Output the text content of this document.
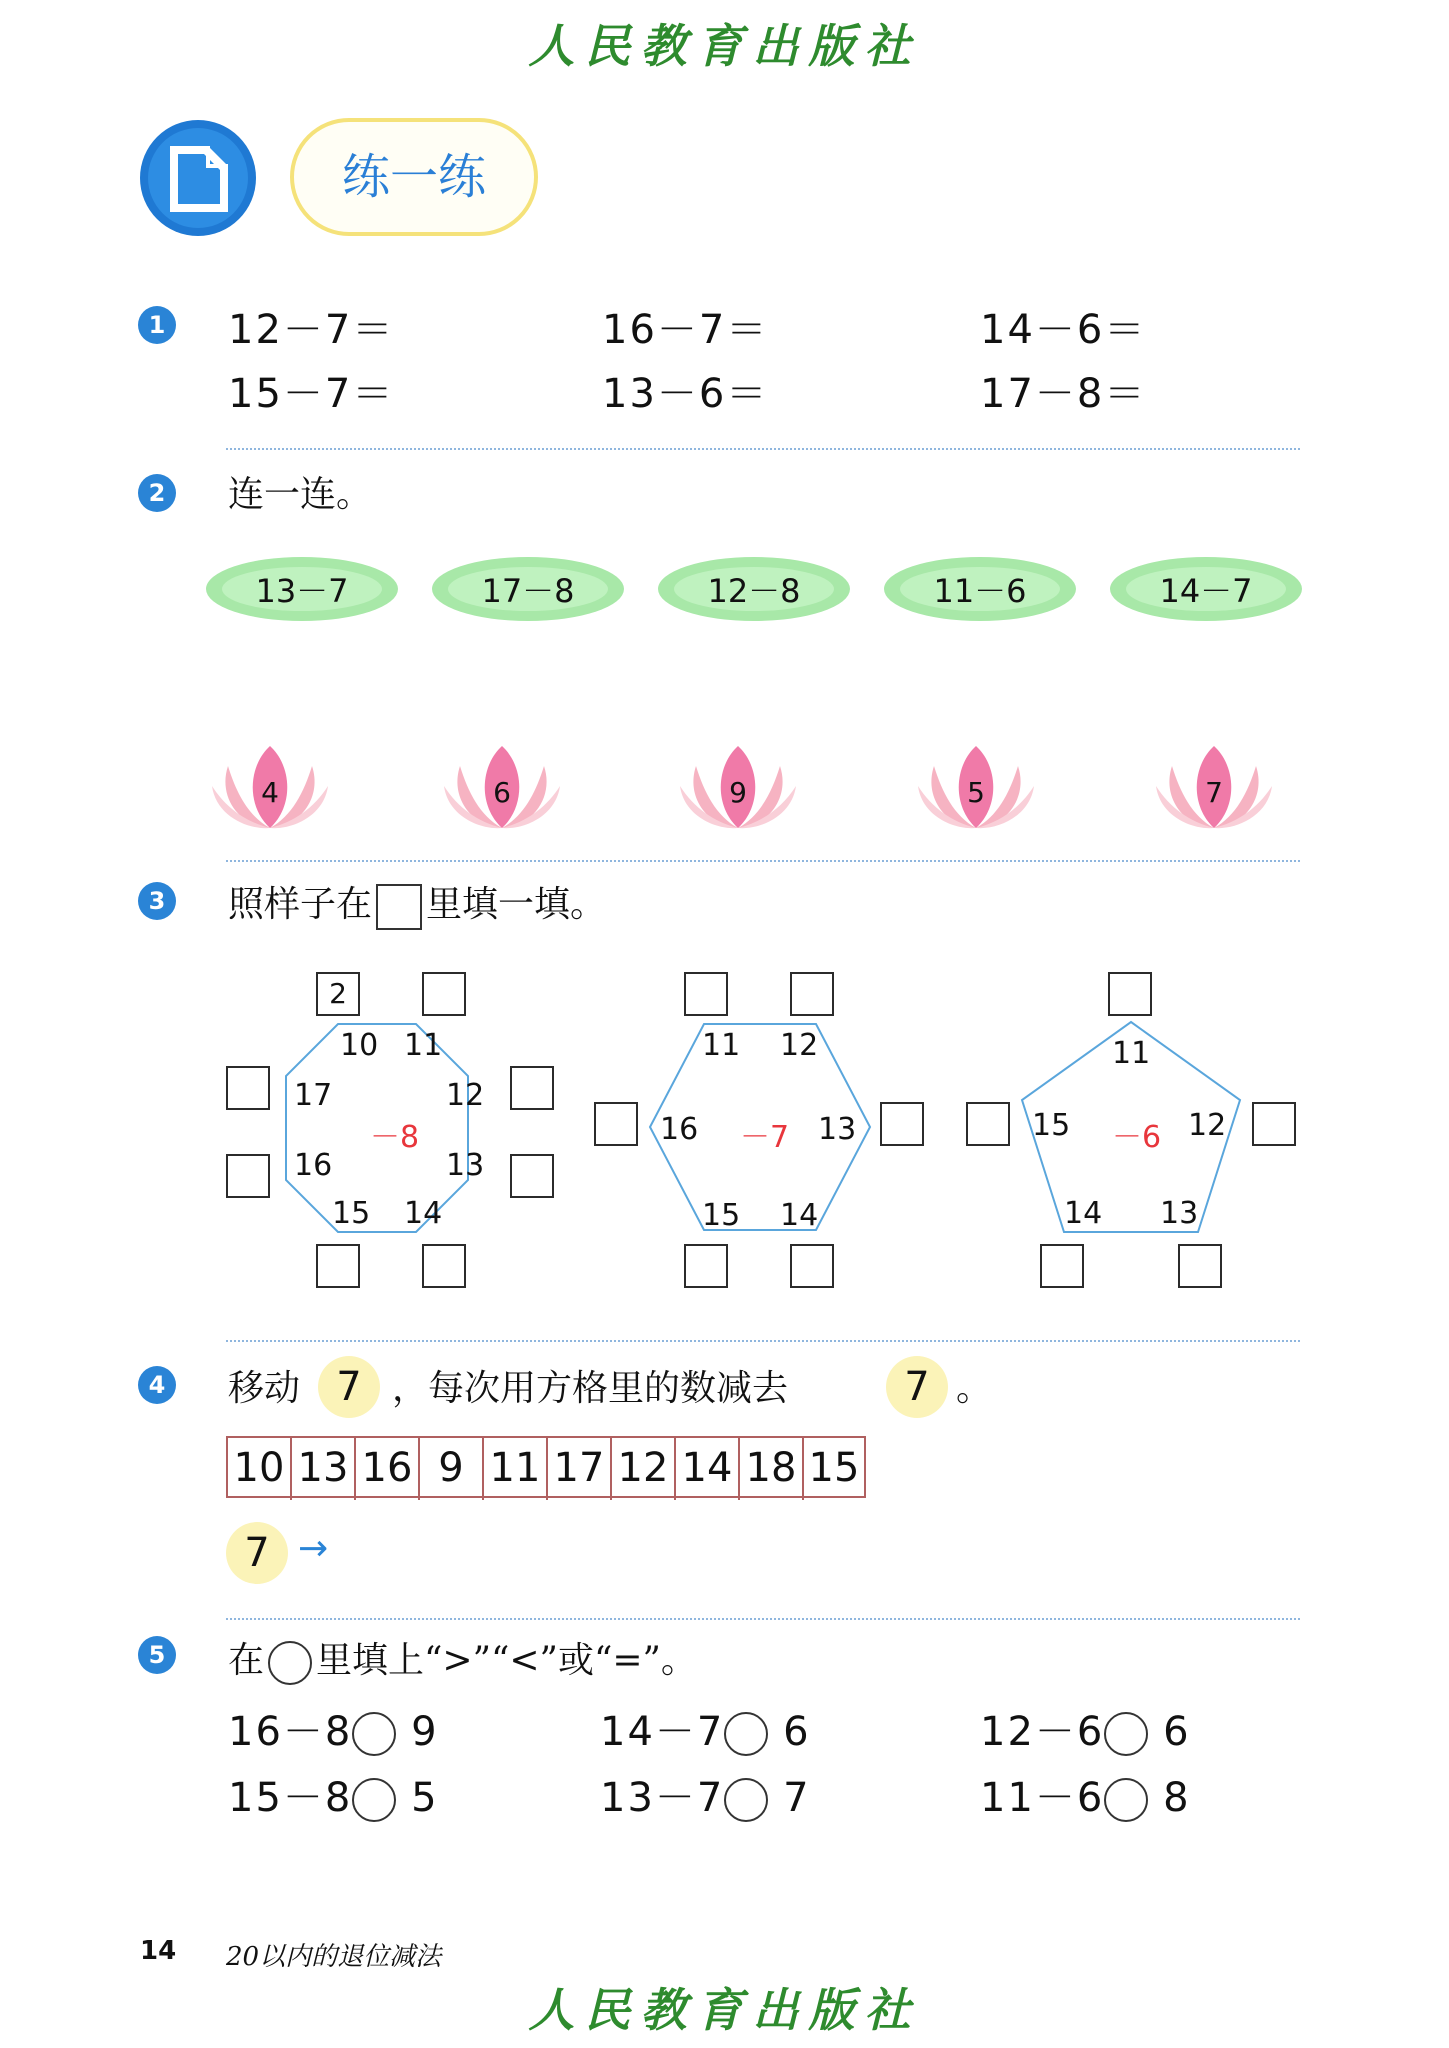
人民教育出版社
练一练
1 12－7＝	16－7＝	14－6＝
15－7＝	13－6＝	17－8＝
2 连一连。
13－7	17－8	12－8	11－6	14－7
4	6	9	5	7
3 照样子在 里填一填。
2
10 11
12
13
14
15
16
17
－8
11 12
13
14
15
16 －7
11
12
13
14
15 －6
4 移动 7 ，每次用方格里的数减去	7 。
10 13 16 9 11 17 12 14 18 15
7 →
5 在 里填上“>”“<”或“=”。
16－8 9	14－7 6	12－6 6
15－8 5	13－7 7	11－6 8
14 20以内的退位减法
人民教育出版社
